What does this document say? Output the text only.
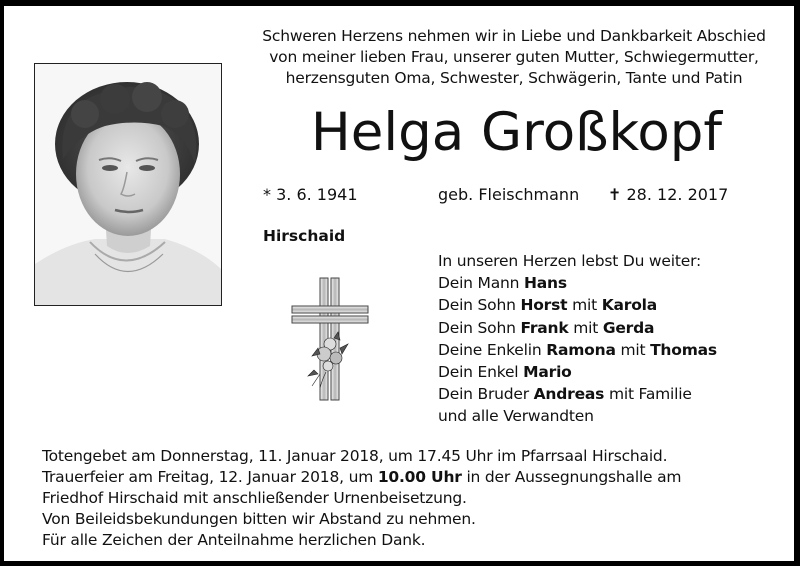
Schweren Herzens nehmen wir in Liebe und Dankbarkeit Abschied
von meiner lieben Frau, unserer guten Mutter, Schwiegermutter,
herzensguten Oma, Schwester, Schwägerin, Tante und Patin
Helga Großkopf
* 3. 6. 1941	geb. Fleischmann ✝ 28. 12. 2017
Hirschaid
In unseren Herzen lebst Du weiter:
Dein Mann Hans
Dein Sohn Horst mit Karola
Dein Sohn Frank mit Gerda
Deine Enkelin Ramona mit Thomas
Dein Enkel Mario
Dein Bruder Andreas mit Familie
und alle Verwandten
Totengebet am Donnerstag, 11. Januar 2018, um 17.45 Uhr im Pfarrsaal Hirschaid.
Trauerfeier am Freitag, 12. Januar 2018, um 10.00 Uhr in der Aussegnungshalle am
Friedhof Hirschaid mit anschließender Urnenbeisetzung.
Von Beileidsbekundungen bitten wir Abstand zu nehmen.
Für alle Zeichen der Anteilnahme herzlichen Dank.
